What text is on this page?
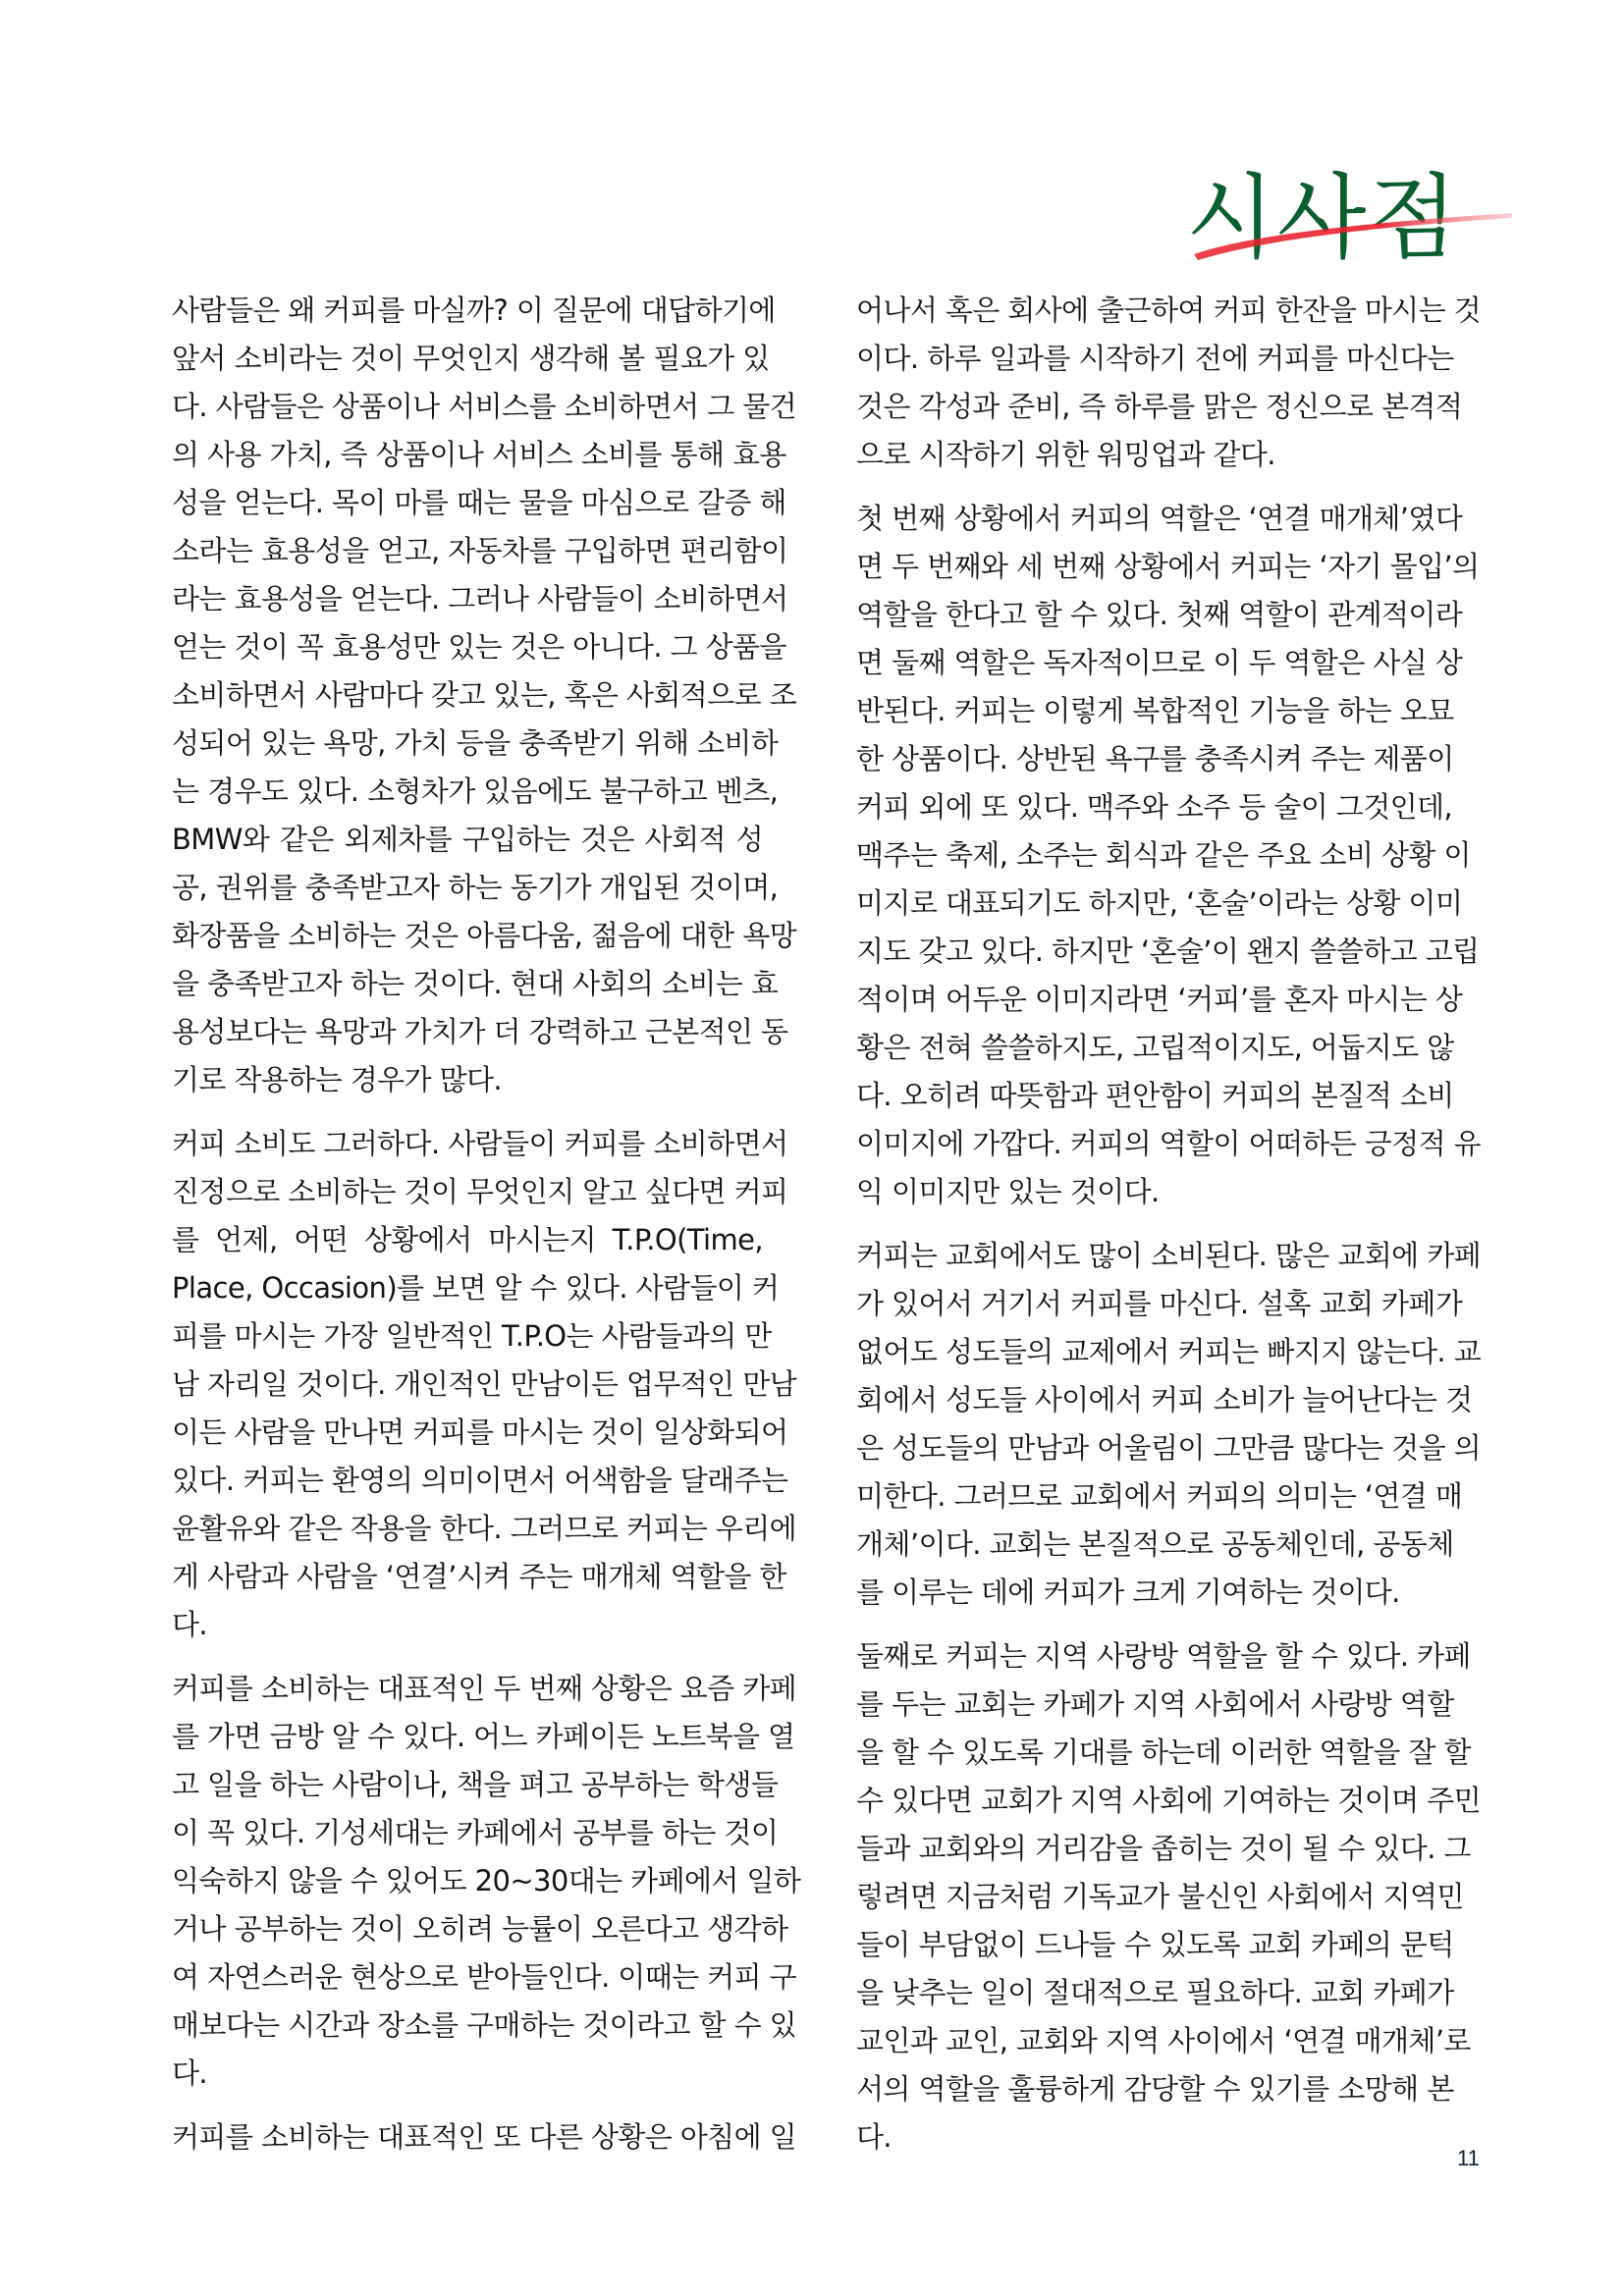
시사점

사람들은 왜 커피를 마실까? 이 질문에 대답하기에
앞서 소비라는 것이 무엇인지 생각해 볼 필요가 있
다. 사람들은 상품이나 서비스를 소비하면서 그 물건
의 사용 가치, 즉 상품이나 서비스 소비를 통해 효용
성을 얻는다. 목이 마를 때는 물을 마심으로 갈증 해
소라는 효용성을 얻고, 자동차를 구입하면 편리함이
라는 효용성을 얻는다. 그러나 사람들이 소비하면서
얻는 것이 꼭 효용성만 있는 것은 아니다. 그 상품을
소비하면서 사람마다 갖고 있는, 혹은 사회적으로 조
성되어 있는 욕망, 가치 등을 충족받기 위해 소비하
는 경우도 있다. 소형차가 있음에도 불구하고 벤츠,
BMW와 같은 외제차를 구입하는 것은 사회적 성
공, 권위를 충족받고자 하는 동기가 개입된 것이며,
화장품을 소비하는 것은 아름다움, 젊음에 대한 욕망
을 충족받고자 하는 것이다. 현대 사회의 소비는 효
용성보다는 욕망과 가치가 더 강력하고 근본적인 동
기로 작용하는 경우가 많다.

커피 소비도 그러하다. 사람들이 커피를 소비하면서
진정으로 소비하는 것이 무엇인지 알고 싶다면 커피
를 언제, 어떤 상황에서 마시는지 T.P.O(Time,
Place, Occasion)를 보면 알 수 있다. 사람들이 커
피를 마시는 가장 일반적인 T.P.O는 사람들과의 만
남 자리일 것이다. 개인적인 만남이든 업무적인 만남
이든 사람을 만나면 커피를 마시는 것이 일상화되어
있다. 커피는 환영의 의미이면서 어색함을 달래주는
윤활유와 같은 작용을 한다. 그러므로 커피는 우리에
게 사람과 사람을 ‘연결’시켜 주는 매개체 역할을 한
다.

커피를 소비하는 대표적인 두 번째 상황은 요즘 카페
를 가면 금방 알 수 있다. 어느 카페이든 노트북을 열
고 일을 하는 사람이나, 책을 펴고 공부하는 학생들
이 꼭 있다. 기성세대는 카페에서 공부를 하는 것이
익숙하지 않을 수 있어도 20~30대는 카페에서 일하
거나 공부하는 것이 오히려 능률이 오른다고 생각하
여 자연스러운 현상으로 받아들인다. 이때는 커피 구
매보다는 시간과 장소를 구매하는 것이라고 할 수 있
다.

커피를 소비하는 대표적인 또 다른 상황은 아침에 일

어나서 혹은 회사에 출근하여 커피 한잔을 마시는 것
이다. 하루 일과를 시작하기 전에 커피를 마신다는
것은 각성과 준비, 즉 하루를 맑은 정신으로 본격적
으로 시작하기 위한 워밍업과 같다.

첫 번째 상황에서 커피의 역할은 ‘연결 매개체’였다
면 두 번째와 세 번째 상황에서 커피는 ‘자기 몰입’의
역할을 한다고 할 수 있다. 첫째 역할이 관계적이라
면 둘째 역할은 독자적이므로 이 두 역할은 사실 상
반된다. 커피는 이렇게 복합적인 기능을 하는 오묘
한 상품이다. 상반된 욕구를 충족시켜 주는 제품이
커피 외에 또 있다. 맥주와 소주 등 술이 그것인데,
맥주는 축제, 소주는 회식과 같은 주요 소비 상황 이
미지로 대표되기도 하지만, ‘혼술’이라는 상황 이미
지도 갖고 있다. 하지만 ‘혼술’이 왠지 쓸쓸하고 고립
적이며 어두운 이미지라면 ‘커피’를 혼자 마시는 상
황은 전혀 쓸쓸하지도, 고립적이지도, 어둡지도 않
다. 오히려 따뜻함과 편안함이 커피의 본질적 소비
이미지에 가깝다. 커피의 역할이 어떠하든 긍정적 유
익 이미지만 있는 것이다.

커피는 교회에서도 많이 소비된다. 많은 교회에 카페
가 있어서 거기서 커피를 마신다. 설혹 교회 카페가
없어도 성도들의 교제에서 커피는 빠지지 않는다. 교
회에서 성도들 사이에서 커피 소비가 늘어난다는 것
은 성도들의 만남과 어울림이 그만큼 많다는 것을 의
미한다. 그러므로 교회에서 커피의 의미는 ‘연결 매
개체’이다. 교회는 본질적으로 공동체인데, 공동체
를 이루는 데에 커피가 크게 기여하는 것이다.

둘째로 커피는 지역 사랑방 역할을 할 수 있다. 카페
를 두는 교회는 카페가 지역 사회에서 사랑방 역할
을 할 수 있도록 기대를 하는데 이러한 역할을 잘 할
수 있다면 교회가 지역 사회에 기여하는 것이며 주민
들과 교회와의 거리감을 좁히는 것이 될 수 있다. 그
렇려면 지금처럼 기독교가 불신인 사회에서 지역민
들이 부담없이 드나들 수 있도록 교회 카페의 문턱
을 낮추는 일이 절대적으로 필요하다. 교회 카페가
교인과 교인, 교회와 지역 사이에서 ‘연결 매개체’로
서의 역할을 훌륭하게 감당할 수 있기를 소망해 본
다.

11
